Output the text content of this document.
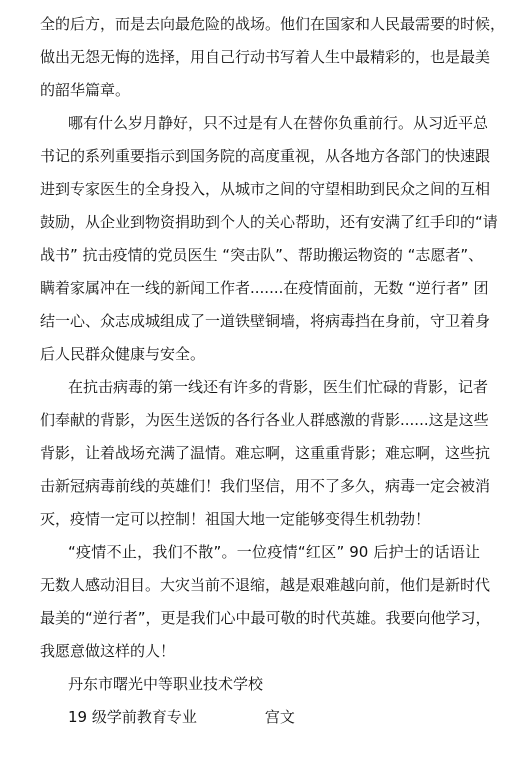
全的后方，而是去向最危险的战场。他们在国家和人民最需要的时候，
做出无怨无悔的选择，用自己行动书写着人生中最精彩的，也是最美
的韶华篇章。
哪有什么岁月静好，只不过是有人在替你负重前行。从习近平总
书记的系列重要指示到国务院的高度重视，从各地方各部门的快速跟
进到专家医生的全身投入，从城市之间的守望相助到民众之间的互相
鼓励，从企业到物资捐助到个人的关心帮助，还有安满了红手印的“请
战书” 抗击疫情的党员医生 “突击队”、帮助搬运物资的 “志愿者”、
瞒着家属冲在一线的新闻工作者.......在疫情面前，无数 “逆行者” 团
结一心、众志成城组成了一道铁壁铜墙，将病毒挡在身前，守卫着身
后人民群众健康与安全。
在抗击病毒的第一线还有许多的背影，医生们忙碌的背影，记者
们奉献的背影，为医生送饭的各行各业人群感激的背影......这是这些
背影，让着战场充满了温情。难忘啊，这重重背影；难忘啊，这些抗
击新冠病毒前线的英雄们！我们坚信，用不了多久，病毒一定会被消
灭，疫情一定可以控制！祖国大地一定能够变得生机勃勃！
“疫情不止，我们不散”。一位疫情“红区” 90 后护士的话语让
无数人感动泪目。大灾当前不退缩，越是艰难越向前，他们是新时代
最美的“逆行者”，更是我们心中最可敬的时代英雄。我要向他学习，
我愿意做这样的人！
丹东市曙光中等职业技术学校
19 级学前教育专业	宫文
